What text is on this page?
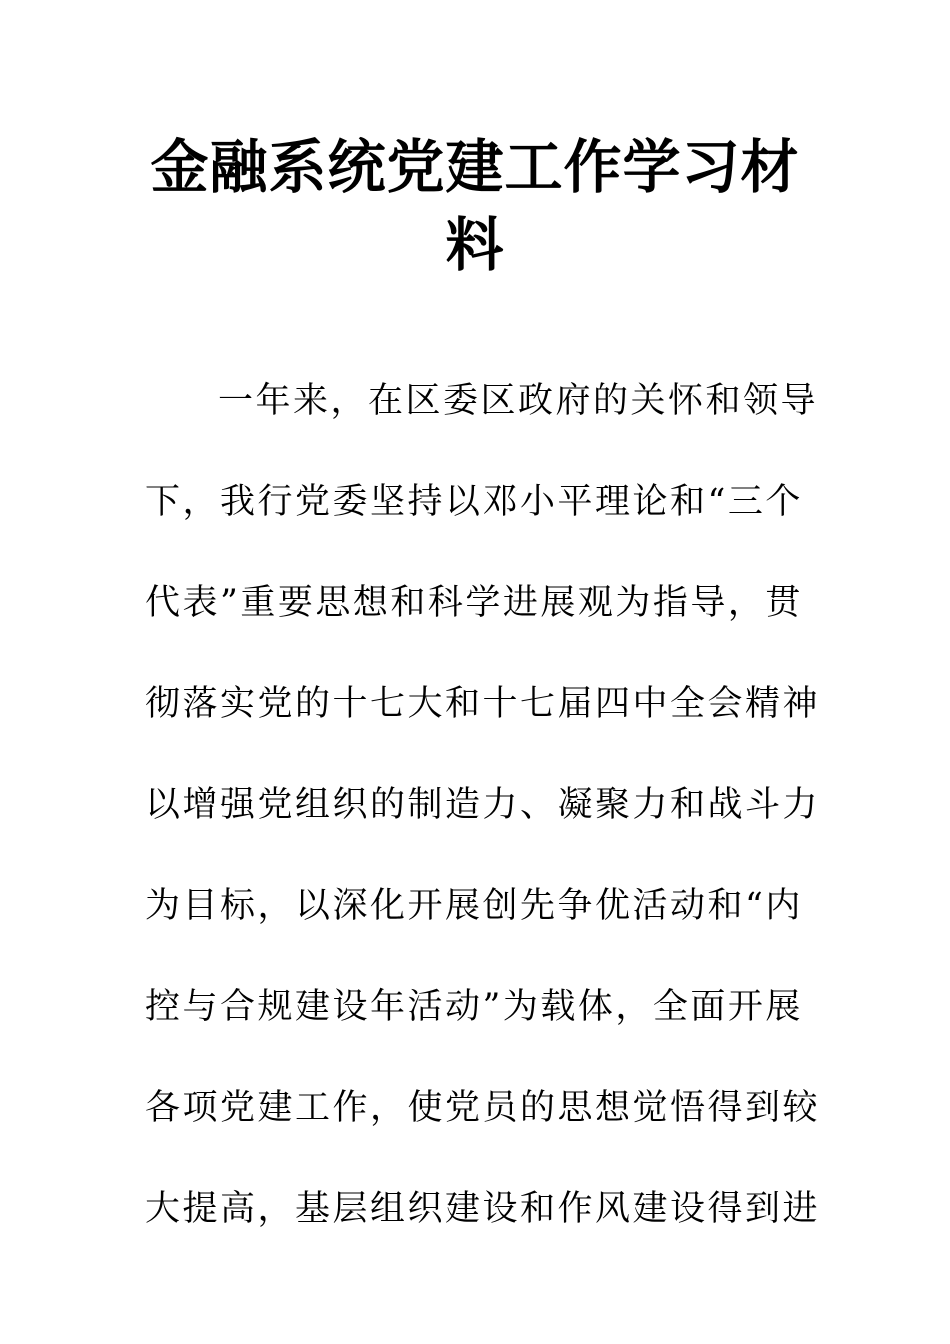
金融系统党建工作学习材
料
一年来，在区委区政府的关怀和领导
下，我行党委坚持以邓小平理论和“三个
代表”重要思想和科学进展观为指导，贯
彻落实党的十七大和十七届四中全会精神
以增强党组织的制造力、凝聚力和战斗力
为目标，以深化开展创先争优活动和“内
控与合规建设年活动”为载体，全面开展
各项党建工作，使党员的思想觉悟得到较
大提高，基层组织建设和作风建设得到进
